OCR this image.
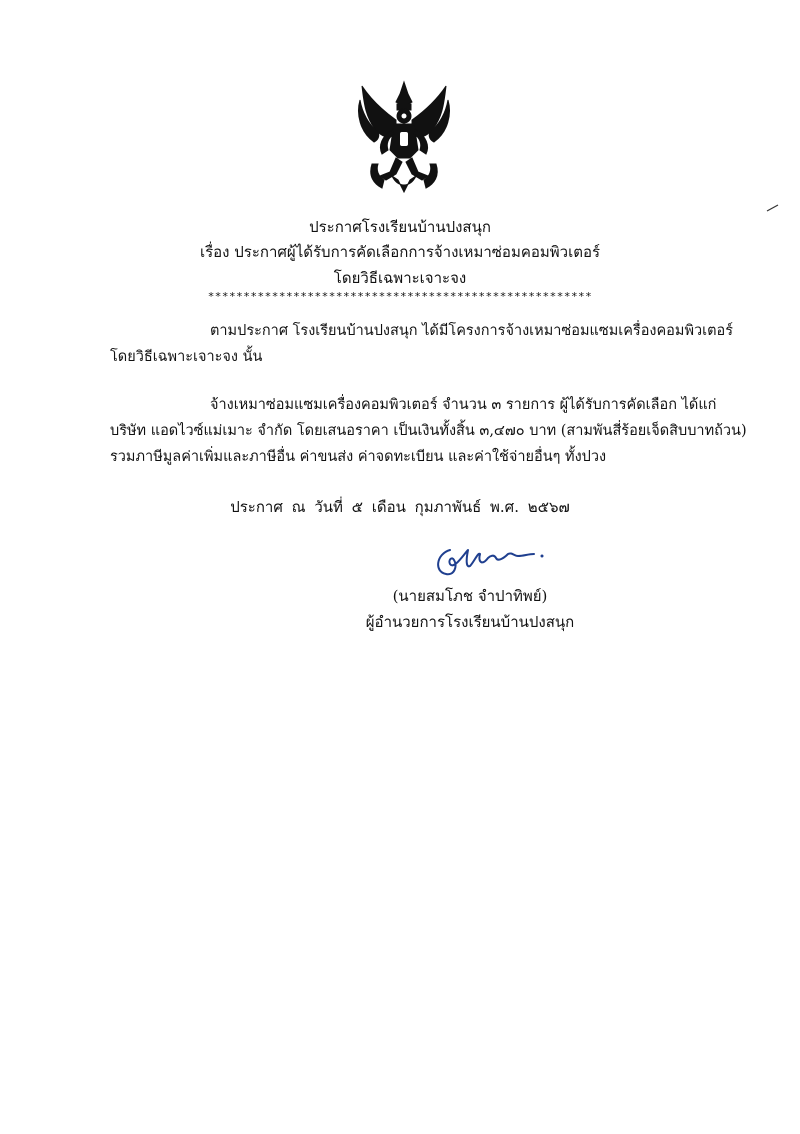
ประกาศโรงเรียนบ้านปงสนุก
เรื่อง ประกาศผู้ได้รับการคัดเลือกการจ้างเหมาซ่อมคอมพิวเตอร์
โดยวิธีเฉพาะเจาะจง
******************************************************
ตามประกาศ โรงเรียนบ้านปงสนุก ได้มีโครงการจ้างเหมาซ่อมแซมเครื่องคอมพิวเตอร์ โดยวิธีเฉพาะเจาะจง นั้น
จ้างเหมาซ่อมแซมเครื่องคอมพิวเตอร์ จำนวน ๓ รายการ ผู้ได้รับการคัดเลือก ได้แก่ บริษัท แอดไวซ์แม่เมาะ จำกัด โดยเสนอราคา เป็นเงินทั้งสิ้น ๓,๔๗๐ บาท (สามพันสี่ร้อยเจ็ดสิบบาทถ้วน) รวมภาษีมูลค่าเพิ่มและภาษีอื่น ค่าขนส่ง ค่าจดทะเบียน และค่าใช้จ่ายอื่นๆ ทั้งปวง
ประกาศ ณ วันที่ ๕ เดือน กุมภาพันธ์ พ.ศ. ๒๕๖๗
(นายสมโภช จำปาทิพย์)
ผู้อำนวยการโรงเรียนบ้านปงสนุก
